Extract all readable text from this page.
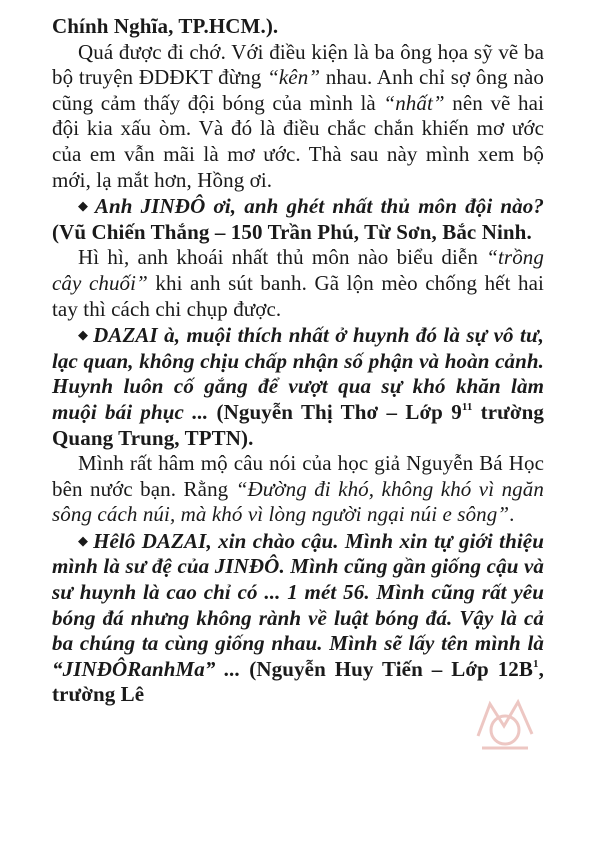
Chính Nghĩa, TP.HCM.).

Quá được đi chớ. Với điều kiện là ba ông họa sỹ vẽ ba bộ truyện ĐDĐKT đừng “kên” nhau. Anh chỉ sợ ông nào cũng cảm thấy đội bóng của mình là “nhất” nên vẽ hai đội kia xấu òm. Và đó là điều chắc chắn khiến mơ ước của em vẫn mãi là mơ ước. Thà sau này mình xem bộ mới, lạ mắt hơn, Hồng ơi.

◆ Anh JINĐÔ ơi, anh ghét nhất thủ môn đội nào? (Vũ Chiến Thắng – 150 Trần Phú, Từ Sơn, Bắc Ninh.

Hì hì, anh khoái nhất thủ môn nào biểu diễn “trồng cây chuối” khi anh sút banh. Gã lộn mèo chống hết hai tay thì cách chi chụp được.

◆ DAZAI à, muội thích nhất ở huynh đó là sự vô tư, lạc quan, không chịu chấp nhận số phận và hoàn cảnh. Huynh luôn cố gắng để vượt qua sự khó khăn làm muội bái phục ... (Nguyễn Thị Thơ – Lớp $9^{11}$ trường Quang Trung, TPTN).

Mình rất hâm mộ câu nói của học giả Nguyễn Bá Học bên nước bạn. Rằng “Đường đi khó, không khó vì ngăn sông cách núi, mà khó vì lòng người ngại núi e sông”.

◆ Hêlô DAZAI, xin chào cậu. Mình xin tự giới thiệu mình là sư đệ của JINĐÔ. Mình cũng gần giống cậu và sư huynh là cao chỉ có ... 1 mét 56. Mình cũng rất yêu bóng đá nhưng không rành về luật bóng đá. Vậy là cả ba chúng ta cùng giống nhau. Mình sẽ lấy tên mình là “JINĐÔRanhMa” ... (Nguyễn Huy Tiến – Lớp $12B^1$, trường Lê
